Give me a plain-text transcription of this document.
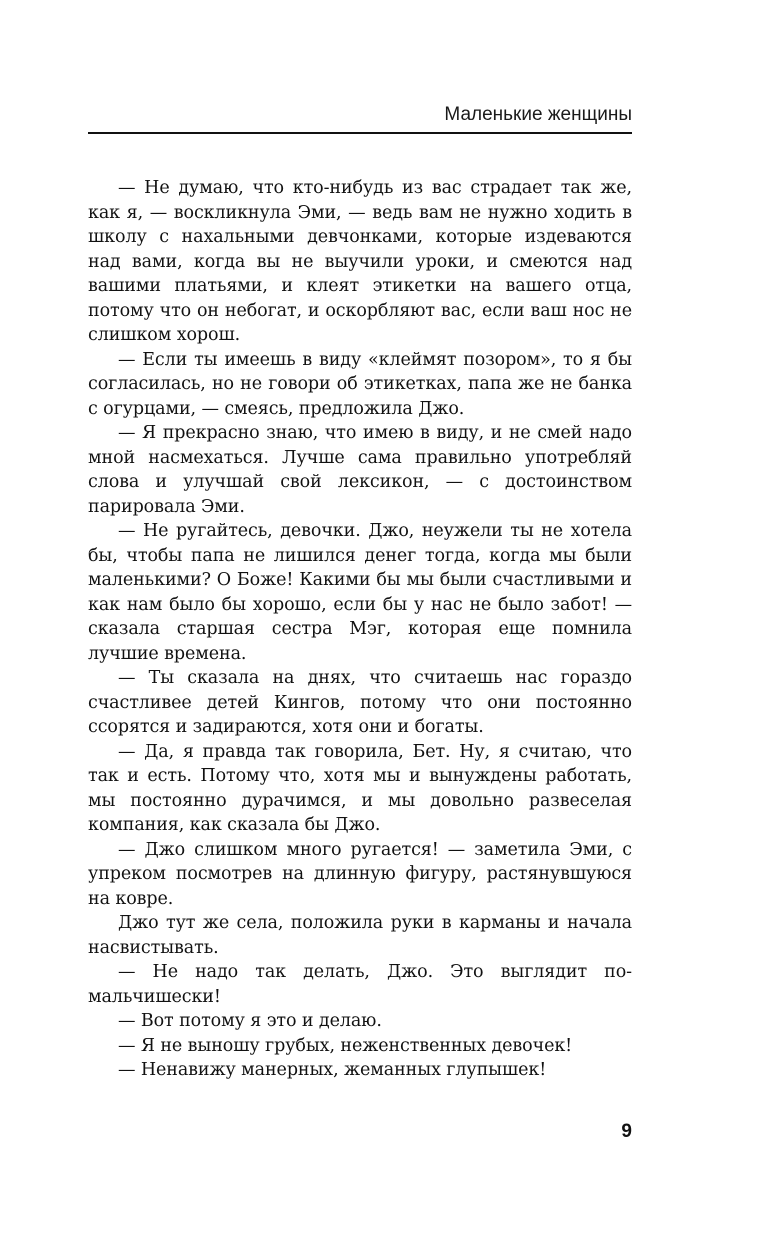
Маленькие женщины

— Не думаю, что кто-нибудь из вас страдает так же, как я, — воскликнула Эми, — ведь вам не нужно ходить в школу с нахальными девчонками, которые издеваются над вами, когда вы не выучили уроки, и смеются над вашими платьями, и клеят этикетки на вашего отца, потому что он небогат, и оскорбляют вас, если ваш нос не слишком хорош.

— Если ты имеешь в виду «клеймят позором», то я бы согласилась, но не говори об этикетках, папа же не банка с огурцами, — смеясь, предложила Джо.

— Я прекрасно знаю, что имею в виду, и не смей надо мной насмехаться. Лучше сама правильно употребляй слова и улучшай свой лексикон, — с достоинством парировала Эми.

— Не ругайтесь, девочки. Джо, неужели ты не хотела бы, чтобы папа не лишился денег тогда, когда мы были маленькими? О Боже! Какими бы мы были счастливыми и как нам было бы хорошо, если бы у нас не было забот! — сказала старшая сестра Мэг, которая еще помнила лучшие времена.

— Ты сказала на днях, что считаешь нас гораздо счастливее детей Кингов, потому что они постоянно ссорятся и задираются, хотя они и богаты.

— Да, я правда так говорила, Бет. Ну, я считаю, что так и есть. Потому что, хотя мы и вынуждены работать, мы постоянно дурачимся, и мы довольно развеселая компания, как сказала бы Джо.

— Джо слишком много ругается! — заметила Эми, с упреком посмотрев на длинную фигуру, растянувшуюся на ковре.

Джо тут же села, положила руки в карманы и начала насвистывать.

— Не надо так делать, Джо. Это выглядит по-мальчишески!

— Вот потому я это и делаю.

— Я не выношу грубых, неженственных девочек!

— Ненавижу манерных, жеманных глупышек!

9
